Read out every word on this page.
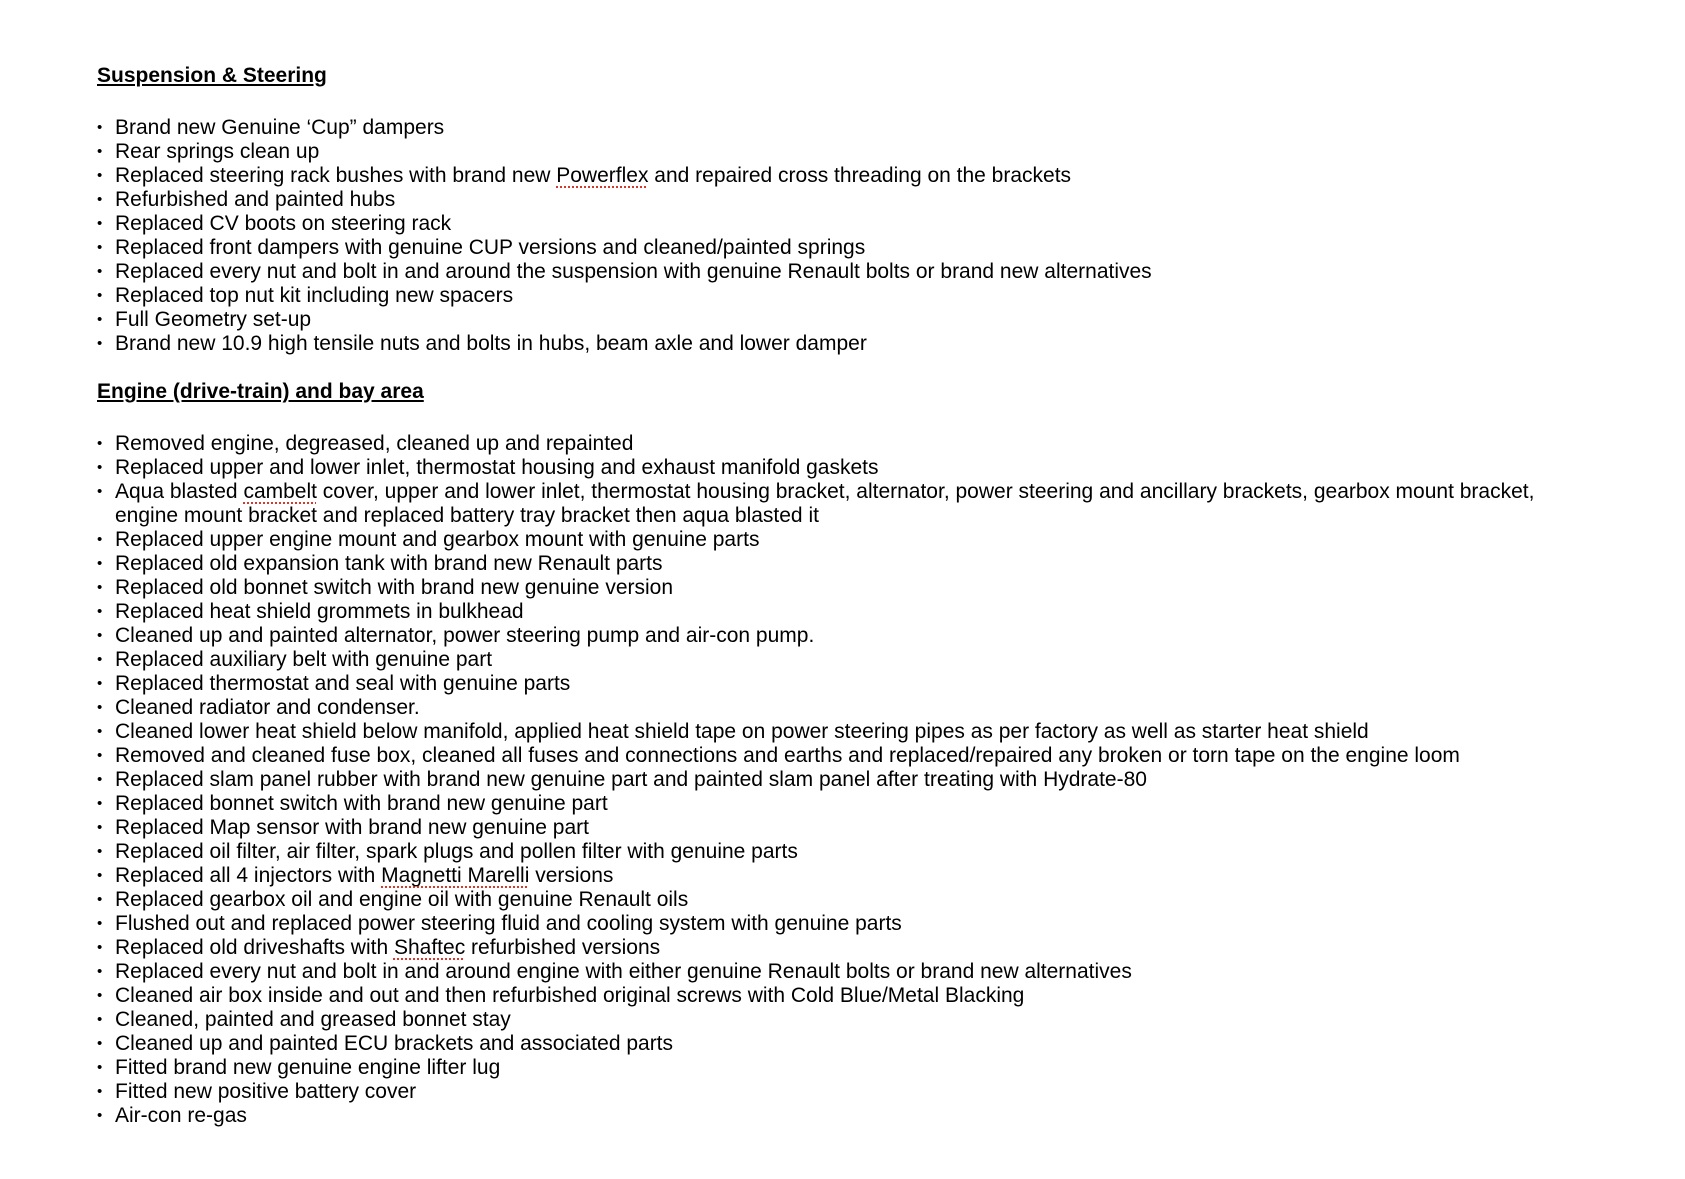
Suspension & Steering
• Brand new Genuine ‘Cup” dampers
• Rear springs clean up
• Replaced steering rack bushes with brand new Powerflex and repaired cross threading on the brackets
• Refurbished and painted hubs
• Replaced CV boots on steering rack
• Replaced front dampers with genuine CUP versions and cleaned/painted springs
• Replaced every nut and bolt in and around the suspension with genuine Renault bolts or brand new alternatives
• Replaced top nut kit including new spacers
• Full Geometry set-up
• Brand new 10.9 high tensile nuts and bolts in hubs, beam axle and lower damper
Engine (drive-train) and bay area
• Removed engine, degreased, cleaned up and repainted
• Replaced upper and lower inlet, thermostat housing and exhaust manifold gaskets
• Aqua blasted cambelt cover, upper and lower inlet, thermostat housing bracket, alternator, power steering and ancillary brackets, gearbox mount bracket, engine mount bracket and replaced battery tray bracket then aqua blasted it
• Replaced upper engine mount and gearbox mount with genuine parts
• Replaced old expansion tank with brand new Renault parts
• Replaced old bonnet switch with brand new genuine version
• Replaced heat shield grommets in bulkhead
• Cleaned up and painted alternator, power steering pump and air-con pump.
• Replaced auxiliary belt with genuine part
• Replaced thermostat and seal with genuine parts
• Cleaned radiator and condenser.
• Cleaned lower heat shield below manifold, applied heat shield tape on power steering pipes as per factory as well as starter heat shield
• Removed and cleaned fuse box, cleaned all fuses and connections and earths and replaced/repaired any broken or torn tape on the engine loom
• Replaced slam panel rubber with brand new genuine part and painted slam panel after treating with Hydrate-80
• Replaced bonnet switch with brand new genuine part
• Replaced Map sensor with brand new genuine part
• Replaced oil filter, air filter, spark plugs and pollen filter with genuine parts
• Replaced all 4 injectors with Magnetti Marelli versions
• Replaced gearbox oil and engine oil with genuine Renault oils
• Flushed out and replaced power steering fluid and cooling system with genuine parts
• Replaced old driveshafts with Shaftec refurbished versions
• Replaced every nut and bolt in and around engine with either genuine Renault bolts or brand new alternatives
• Cleaned air box inside and out and then refurbished original screws with Cold Blue/Metal Blacking
• Cleaned, painted and greased bonnet stay
• Cleaned up and painted ECU brackets and associated parts
• Fitted brand new genuine engine lifter lug
• Fitted new positive battery cover
• Air-con re-gas
